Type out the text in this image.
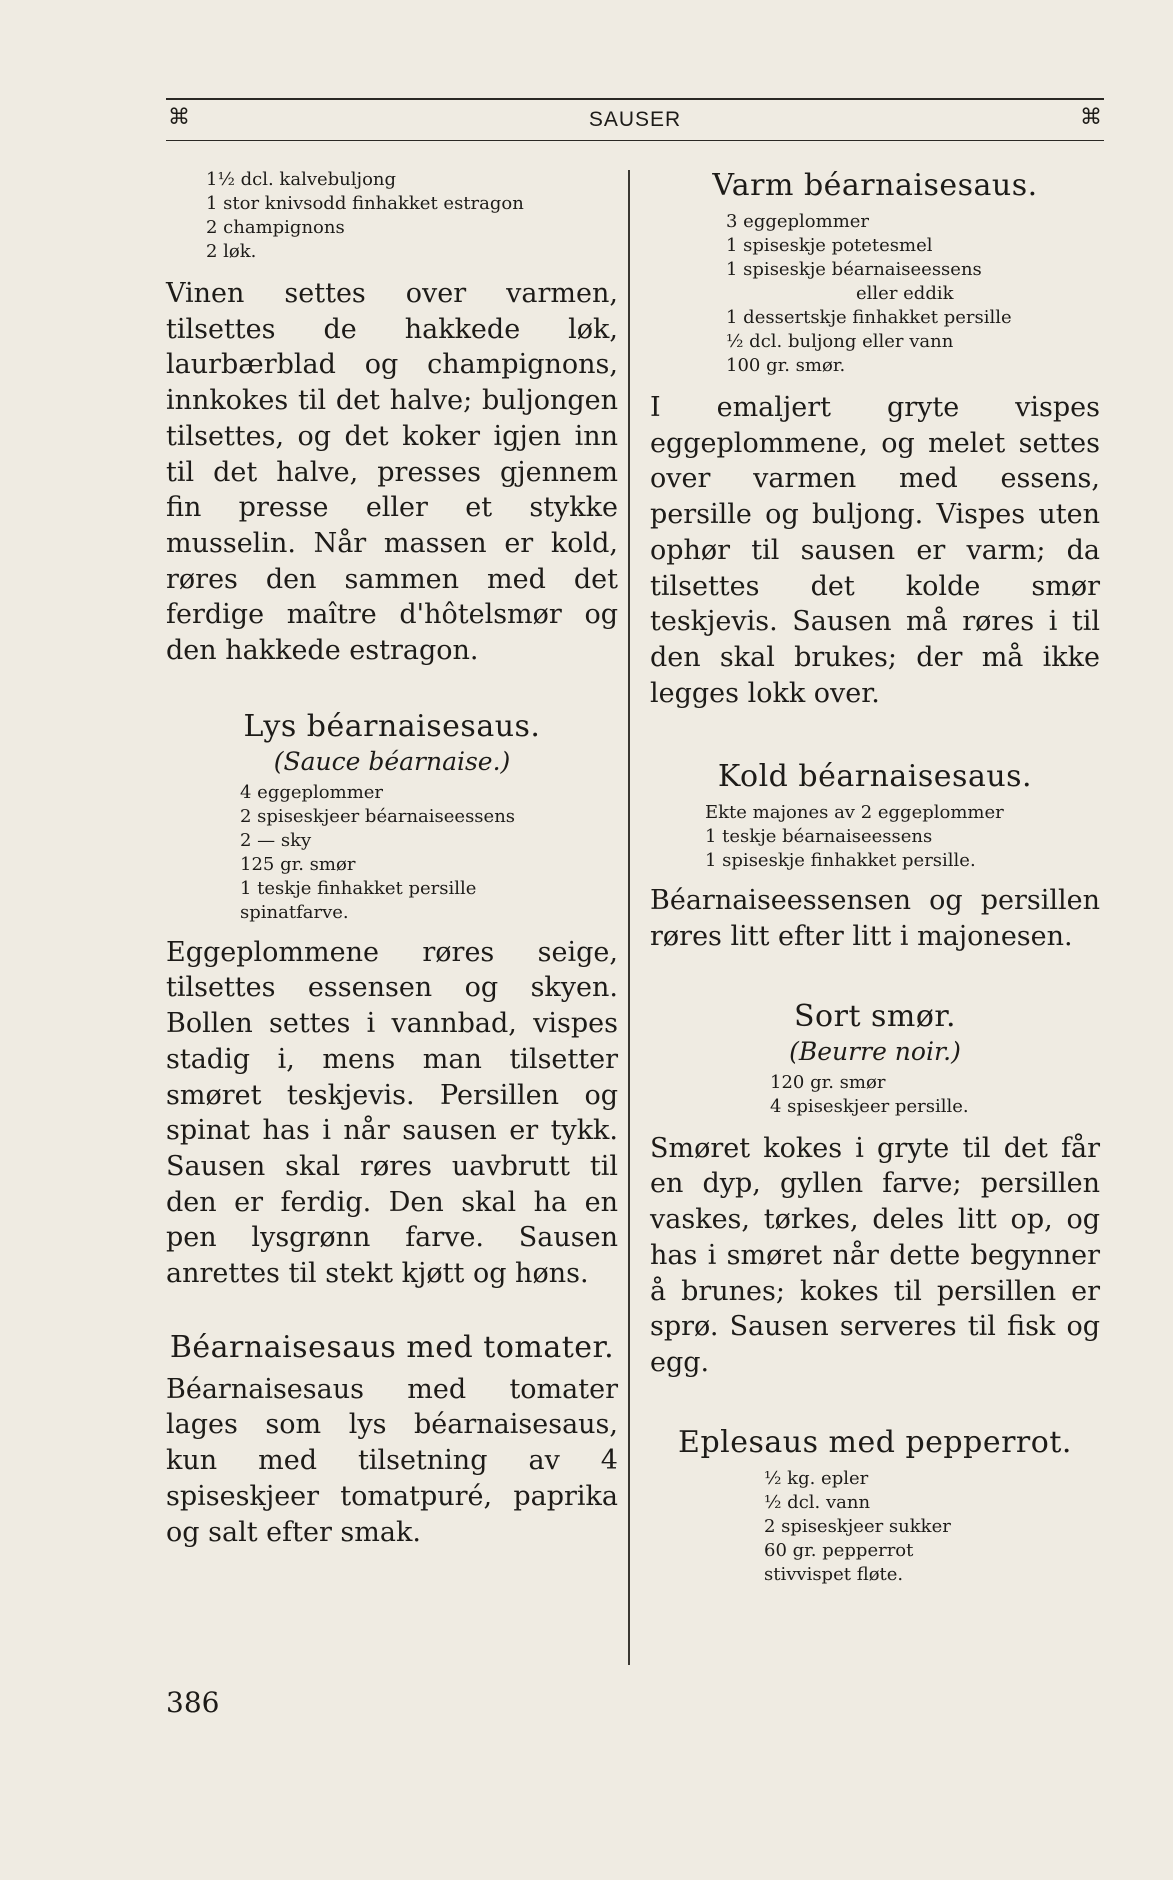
⌘	SAUSER	⌘
1½ dcl. kalvebuljong
1 stor knivsodd finhakket estragon
2 champignons
2 løk.

Vinen settes over varmen, tilsettes de hakkede løk, laurbærblad og champignons, innkokes til det halve; buljongen tilsettes, og det koker igjen inn til det halve, presses gjennem fin presse eller et stykke musselin. Når massen er kold, røres den sammen med det ferdige maître d'hôtelsmør og den hakkede estragon.

Lys béarnaisesaus.
(Sauce béarnaise.)
4 eggeplommer
2 spiseskjeer béarnaiseessens
2 — sky
125 gr. smør
1 teskje finhakket persille
spinatfarve.

Eggeplommene røres seige, tilsettes essensen og skyen. Bollen settes i vannbad, vispes stadig i, mens man tilsetter smøret teskjevis. Persillen og spinat has i når sausen er tykk. Sausen skal røres uavbrutt til den er ferdig. Den skal ha en pen lysgrønn farve. Sausen anrettes til stekt kjøtt og høns.

Béarnaisesaus med tomater.

Béarnaisesaus med tomater lages som lys béarnaisesaus, kun med tilsetning av 4 spiseskjeer tomatpuré, paprika og salt efter smak.

Varm béarnaisesaus.
3 eggeplommer
1 spiseskje potetesmel
1 spiseskje béarnaiseessens
eller eddik
1 dessertskje finhakket persille
½ dcl. buljong eller vann
100 gr. smør.

I emaljert gryte vispes eggeplommene, og melet settes over varmen med essens, persille og buljong. Vispes uten ophør til sausen er varm; da tilsettes det kolde smør teskjevis. Sausen må røres i til den skal brukes; der må ikke legges lokk over.

Kold béarnaisesaus.
Ekte majones av 2 eggeplommer
1 teskje béarnaiseessens
1 spiseskje finhakket persille.

Béarnaiseessensen og persillen røres litt efter litt i majonesen.

Sort smør.
(Beurre noir.)
120 gr. smør
4 spiseskjeer persille.

Smøret kokes i gryte til det får en dyp, gyllen farve; persillen vaskes, tørkes, deles litt op, og has i smøret når dette begynner å brunes; kokes til persillen er sprø. Sausen serveres til fisk og egg.

Eplesaus med pepperrot.
½ kg. epler
½ dcl. vann
2 spiseskjeer sukker
60 gr. pepperrot
stivvispet fløte.
386
